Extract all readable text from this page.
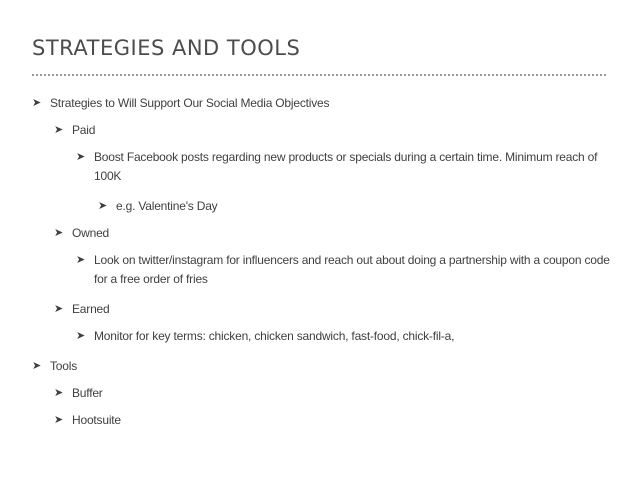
STRATEGIES AND TOOLS
➤ Strategies to Will Support Our Social Media Objectives
➤ Paid
➤ Boost Facebook posts regarding new products or specials during a certain time. Minimum reach of 100K
➤ e.g. Valentine's Day
➤ Owned
➤ Look on twitter/instagram for influencers and reach out about doing a partnership with a coupon code for a free order of fries
➤ Earned
➤ Monitor for key terms: chicken, chicken sandwich, fast-food, chick-fil-a,
➤ Tools
➤ Buffer
➤ Hootsuite
